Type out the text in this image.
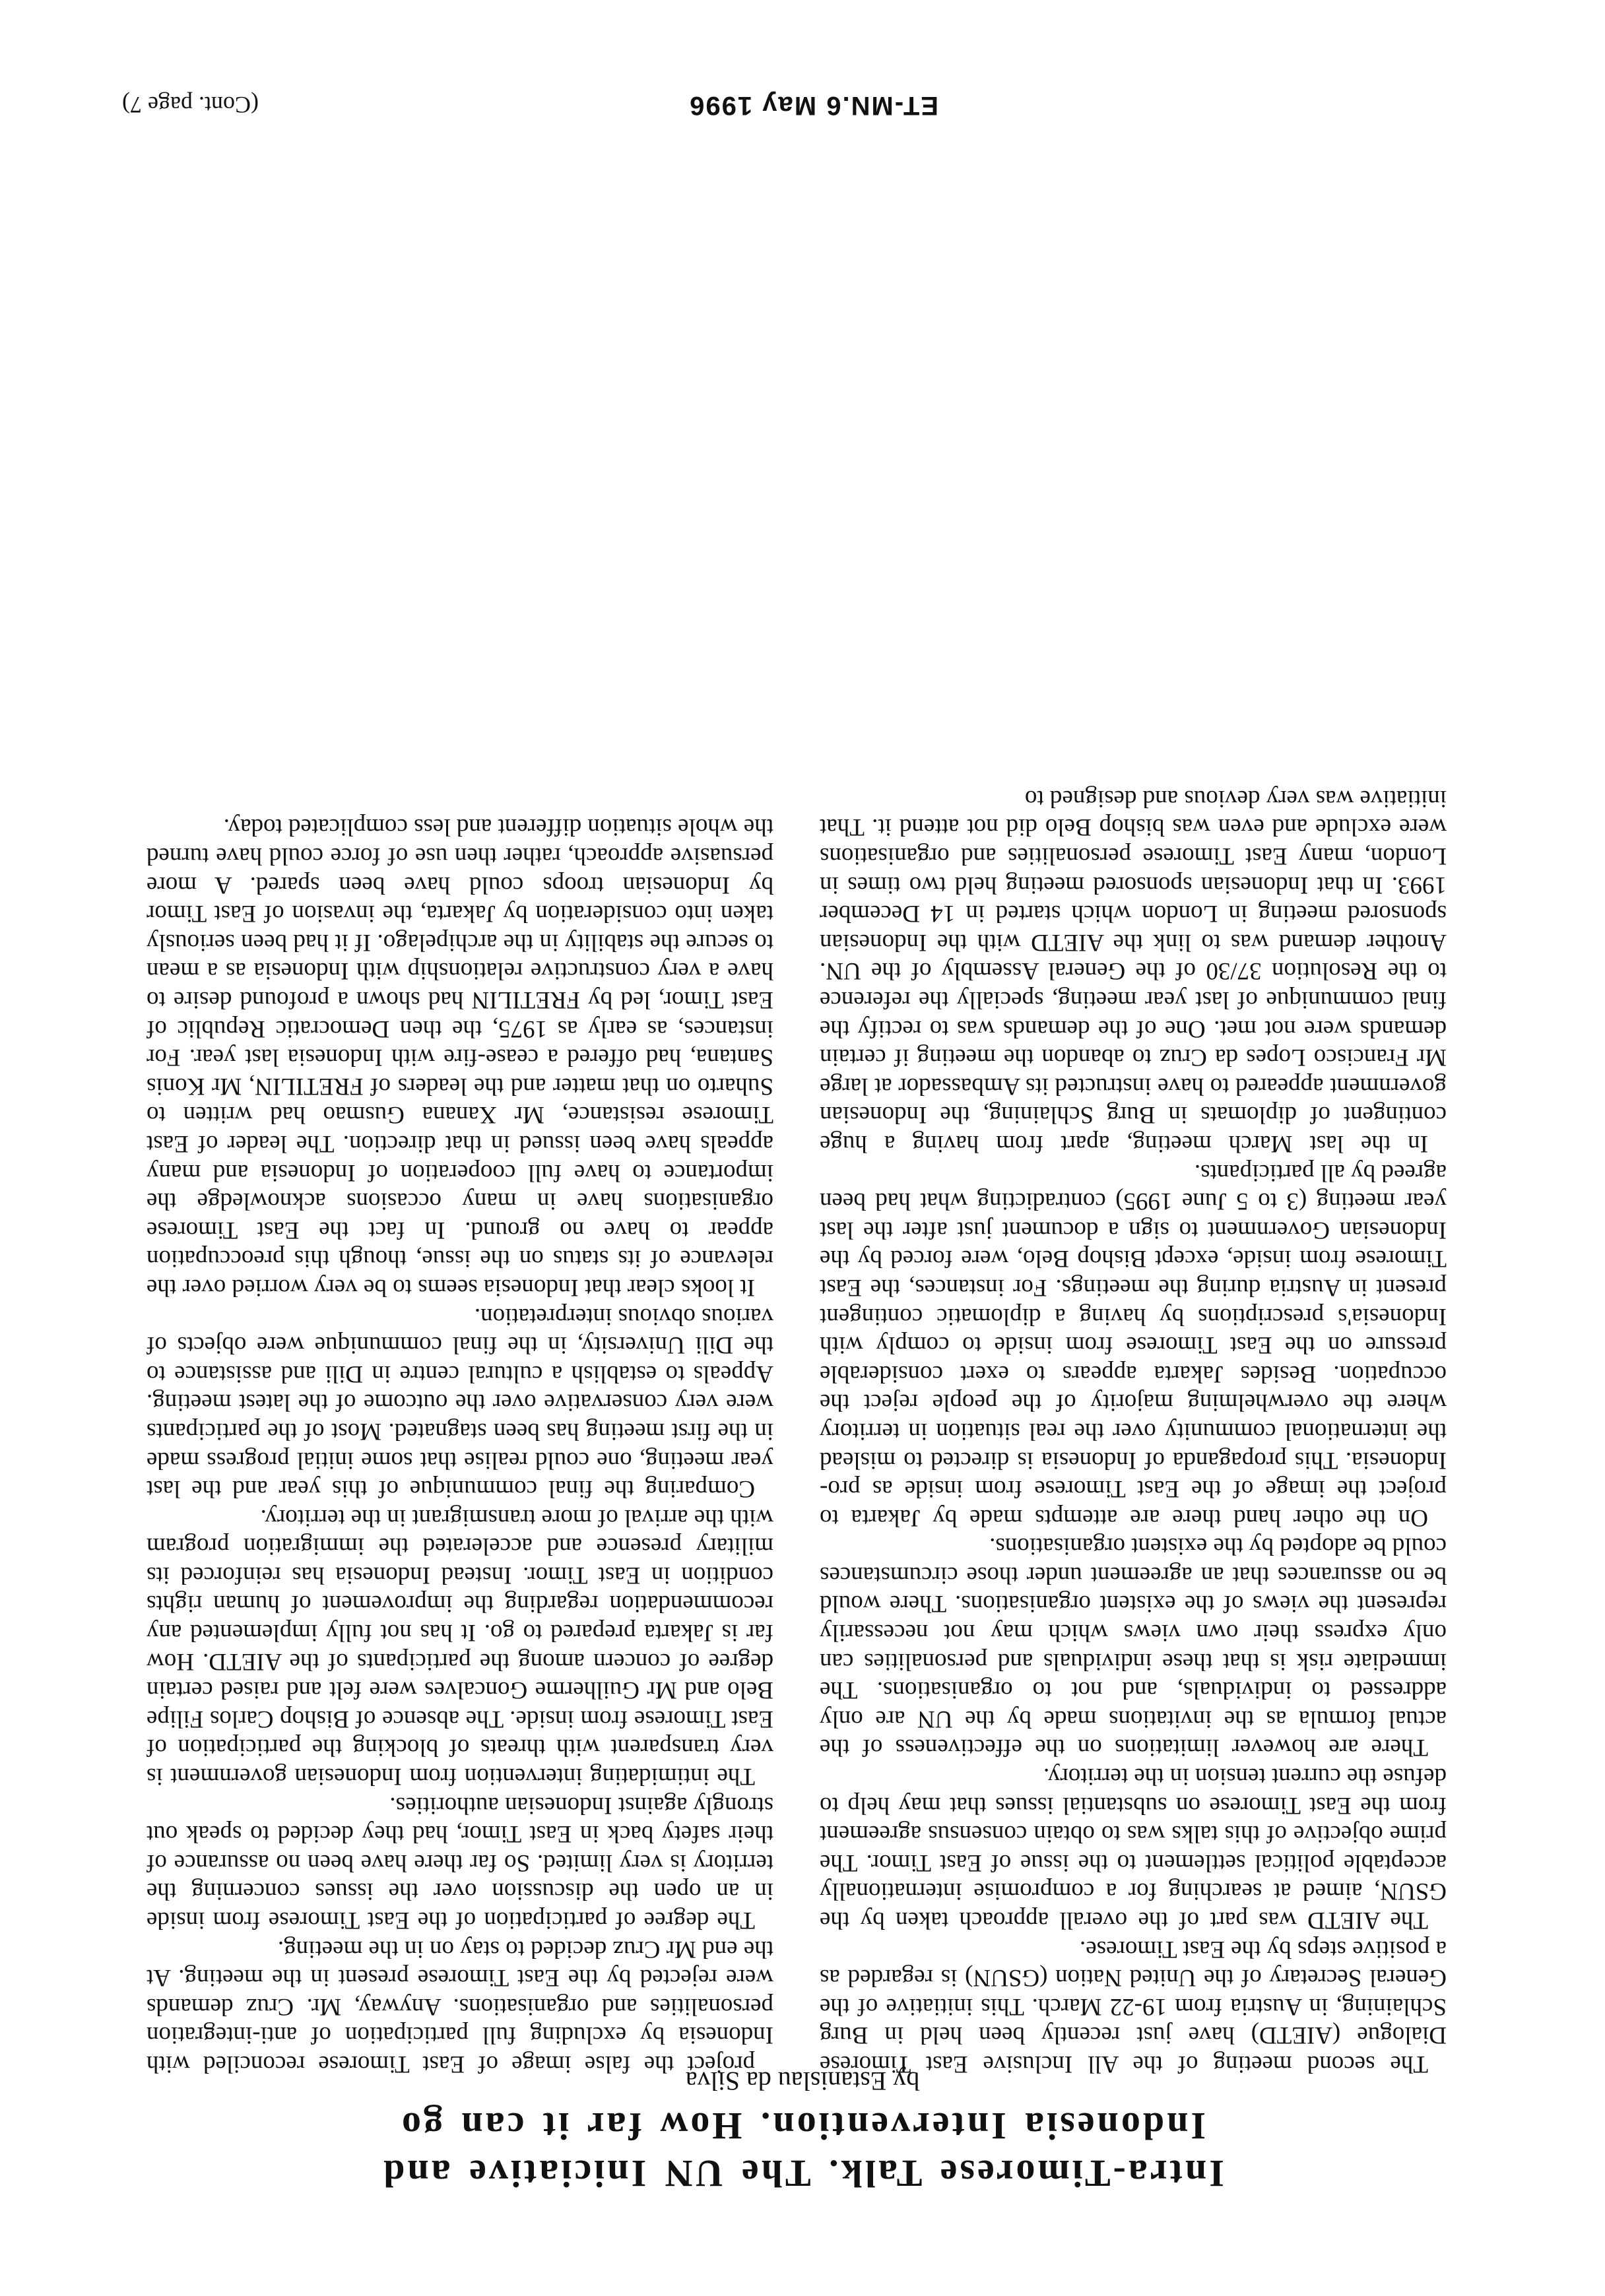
Intra-Timorese Talk. The UN Iniciative and
Indonesia Intervention. How far it can go
by Estanislau da Silva

The second meeting of the All Inclusive East Timorese Dialogue (AIETD) have just recently been held in Burg Schlaining, in Austria from 19-22 March. This initiative of the General Secretary of the United Nation (GSUN) is regarded as a positive steps by the East Timorese.

The AIETD was part of the overall approach taken by the GSUN, aimed at searching for a compromise internationally acceptable political settlement to the issue of East Timor. The prime objective of this talks was to obtain consensus agreement from the East Timorese on substantial issues that may help to defuse the current tension in the territory.

There are however limitations on the effectiveness of the actual formula as the invitations made by the UN are only addressed to individuals, and not to organisations. The immediate risk is that these individuals and personalities can only express their own views which may not necessarily represent the views of the existent organisations. There would be no assurances that an agreement under those circumstances could be adopted by the existent organisations.

On the other hand there are attempts made by Jakarta to project the image of the East Timorese from inside as pro-Indonesia. This propaganda of Indonesia is directed to mislead the international community over the real situation in territory where the overwhelming majority of the people reject the occupation. Besides Jakarta appears to exert considerable pressure on the East Timorese from inside to comply with Indonesia's prescriptions by having a diplomatic contingent present in Austria during the meetings. For instances, the East Timorese from inside, except Bishop Belo, were forced by the Indonesian Government to sign a document just after the last year meeting (3 to 5 June 1995) contradicting what had been agreed by all participants.

In the last March meeting, apart from having a huge contingent of diplomats in Burg Schlaining, the Indonesian government appeared to have instructed its Ambassador at large Mr Francisco Lopes da Cruz to abandon the meeting if certain demands were not met. One of the demands was to rectify the final communique of last year meeting, specially the reference to the Resolution 37/30 of the General Assembly of the UN. Another demand was to link the AIETD with the Indonesian sponsored meeting in London which started in 14 December 1993. In that Indonesian sponsored meeting held two times in London, many East Timorese personalities and organisations were exclude and even was bishop Belo did not attend it. That initiative was very devious and designed to

project the false image of East Timorese reconciled with Indonesia by excluding full participation of anti-integration personalities and organisations. Anyway, Mr. Cruz demands were rejected by the East Timorese present in the meeting. At the end Mr Cruz decided to stay on in the meeting.

The degree of participation of the East Timorese from inside in an open the discussion over the issues concerning the territory is very limited. So far there have been no assurance of their safety back in East Timor, had they decided to speak out strongly against Indonesian authorities.

The intimidating intervention from Indonesian government is very transparent with threats of blocking the participation of East Timorese from inside. The absence of Bishop Carlos Filipe Belo and Mr Guilherme Goncalves were felt and raised certain degree of concern among the participants of the AIETD. How far is Jakarta prepared to go. It has not fully implemented any recommendation regarding the improvement of human rights condition in East Timor. Instead Indonesia has reinforced its military presence and accelerated the immigration program with the arrival of more transmigrant in the territory.

Comparing the final communique of this year and the last year meeting, one could realise that some initial progress made in the first meeting has been stagnated. Most of the participants were very conservative over the outcome of the latest meeting. Appeals to establish a cultural centre in Dili and assistance to the Dili University, in the final communique were objects of various obvious interpretation.

It looks clear that Indonesia seems to be very worried over the relevance of its status on the issue, though this preoccupation appear to have no ground. In fact the East Timorese organisations have in many occasions acknowledge the importance to have full cooperation of Indonesia and many appeals have been issued in that direction. The leader of East Timorese resistance, Mr Xanana Gusmao had written to Suharto on that matter and the leaders of FRETILIN, Mr Konis Santana, had offered a cease-fire with Indonesia last year. For instances, as early as 1975, the then Democratic Republic of East Timor, led by FRETILIN had shown a profound desire to have a very constructive relationship with Indonesia as a mean to secure the stability in the archipelago. If it had been seriously taken into consideration by Jakarta, the invasion of East Timor by Indonesian troops could have been spared. A more persuasive approach, rather then use of force could have turned the whole situation different and less complicated today.

ET-MN.6 May 1996
(Cont. page 7)
